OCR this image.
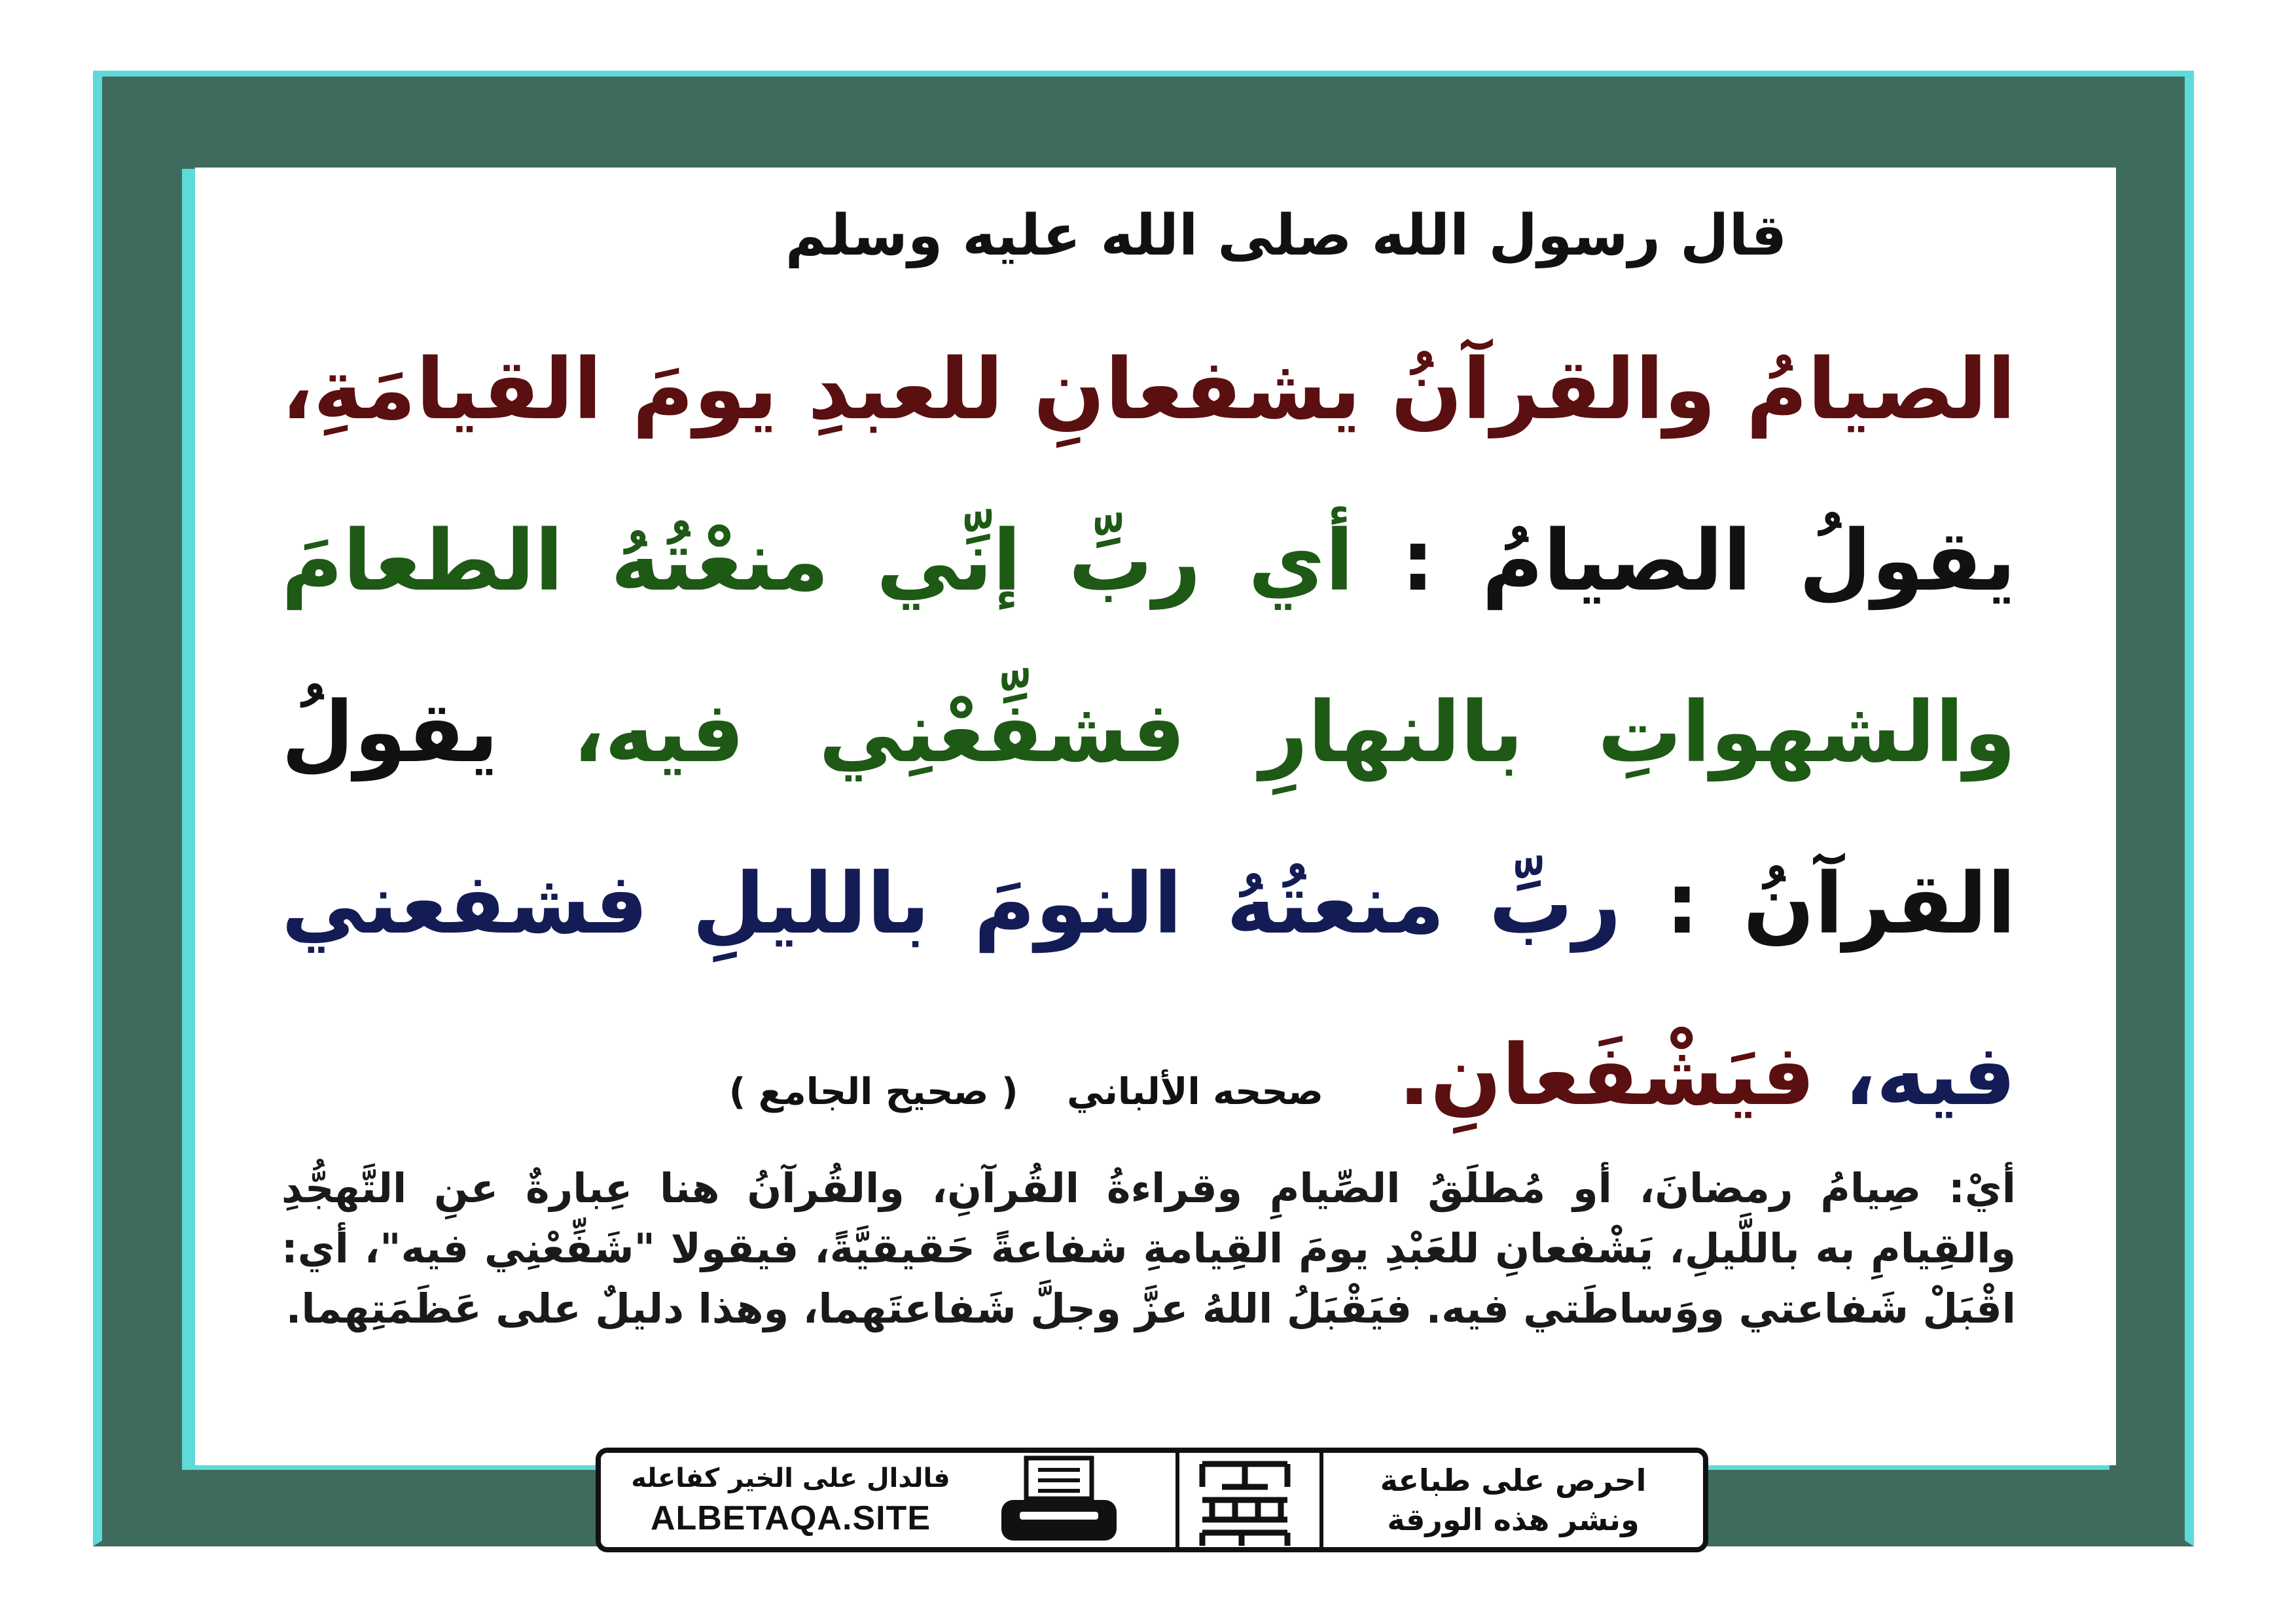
قال رسول الله صلى الله عليه وسلم
الصيامُ والقرآنُ يشفعانِ للعبدِ يومَ القيامَةِ، يقولُ الصيامُ : أي ربِّ إنِّي منعْتُهُ الطعامَ والشهواتِ بالنهارِ فشفِّعْنِي فيه، يقولُ القرآنُ : ربِّ منعتُهُ النومَ بالليلِ فشفعني فيه، فيَشْفَعانِ. صححه الألباني ( صحيح الجامع )
أيْ: صِيامُ رمضانَ، أو مُطلَقُ الصِّيامِ وقراءةُ القُرآنِ، والقُرآنُ هنا عِبارةٌ عنِ التَّهجُّدِ والقِيامِ به باللَّيلِ، يَشْفعانِ للعَبْدِ يومَ القِيامةِ شفاعةً حَقيقيَّةً، فيقولا "شَفِّعْنِي فيه"، أي: اقْبَلْ شَفاعتي ووَساطَتي فيه. فيَقْبَلُ اللهُ عزَّ وجلَّ شَفاعتَهما، وهذا دليلٌ على عَظَمَتِهما.
احرص على طباعة
ونشر هذه الورقة
فالدال على الخير كفاعله
ALBETAQA.SITE
